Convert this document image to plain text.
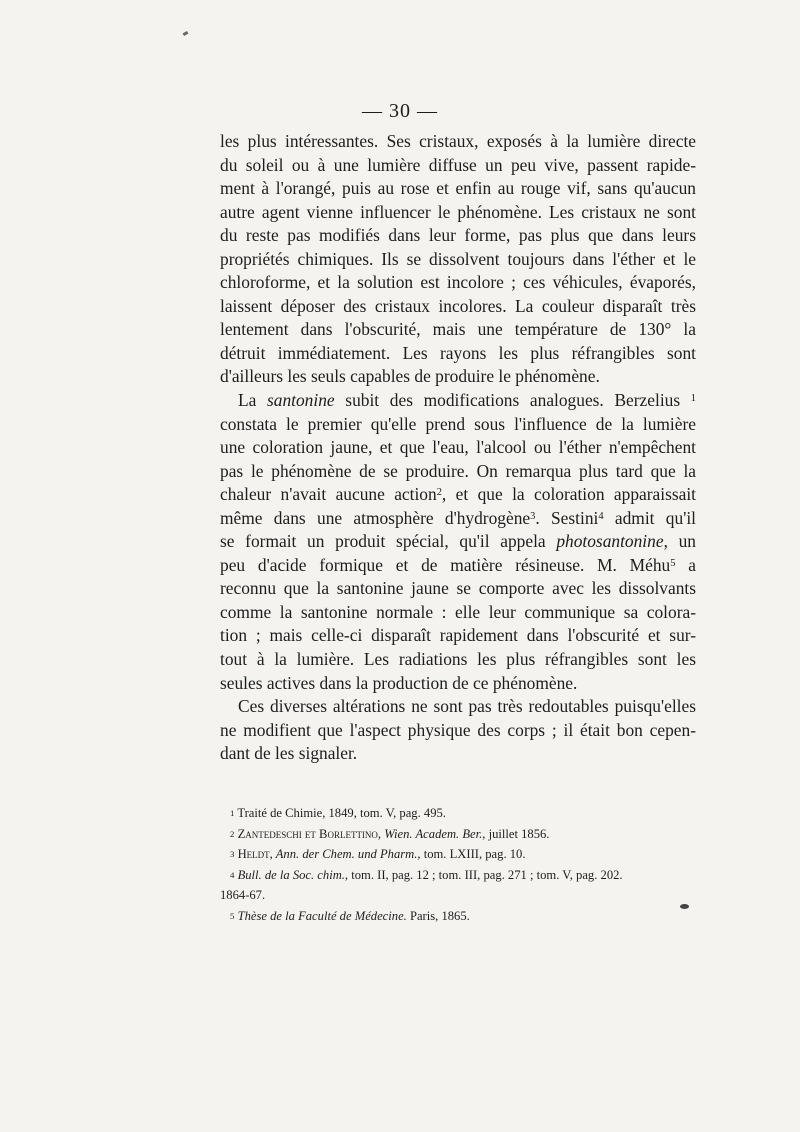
— 30 —

les plus intéressantes. Ses cristaux, exposés à la lumière directe
du soleil ou à une lumière diffuse un peu vive, passent rapide-
ment à l'orangé, puis au rose et enfin au rouge vif, sans qu'aucun
autre agent vienne influencer le phénomène. Les cristaux ne sont
du reste pas modifiés dans leur forme, pas plus que dans leurs
propriétés chimiques. Ils se dissolvent toujours dans l'éther et le
chloroforme, et la solution est incolore ; ces véhicules, évaporés,
laissent déposer des cristaux incolores. La couleur disparaît très
lentement dans l'obscurité, mais une température de 130° la
détruit immédiatement. Les rayons les plus réfrangibles sont
d'ailleurs les seuls capables de produire le phénomène.

La santonine subit des modifications analogues. Berzelius $^1$
constata le premier qu'elle prend sous l'influence de la lumière
une coloration jaune, et que l'eau, l'alcool ou l'éther n'empêchent
pas le phénomène de se produire. On remarqua plus tard que la
chaleur n'avait aucune action$^2$, et que la coloration apparaissait
même dans une atmosphère d'hydrogène$^3$. Sestini$^4$ admit qu'il
se formait un produit spécial, qu'il appela photosantonine, un
peu d'acide formique et de matière résineuse. M. Méhu$^5$ a
reconnu que la santonine jaune se comporte avec les dissolvants
comme la santonine normale : elle leur communique sa colora-
tion ; mais celle-ci disparaît rapidement dans l'obscurité et sur-
tout à la lumière. Les radiations les plus réfrangibles sont les
seules actives dans la production de ce phénomène.

Ces diverses altérations ne sont pas très redoutables puisqu'elles
ne modifient que l'aspect physique des corps ; il était bon cepen-
dant de les signaler.

$^1$ Traité de Chimie, 1849, tom. V, pag. 495.
$^2$ Zantedeschi et Borlettino, Wien. Academ. Ber., juillet 1856.
$^3$ Heldt, Ann. der Chem. und Pharm., tom. LXIII, pag. 10.
$^4$ Bull. de la Soc. chim., tom. II, pag. 12 ; tom. III, pag. 271 ; tom. V, pag. 202.
1864-67.
$^5$ Thèse de la Faculté de Médecine. Paris, 1865.
